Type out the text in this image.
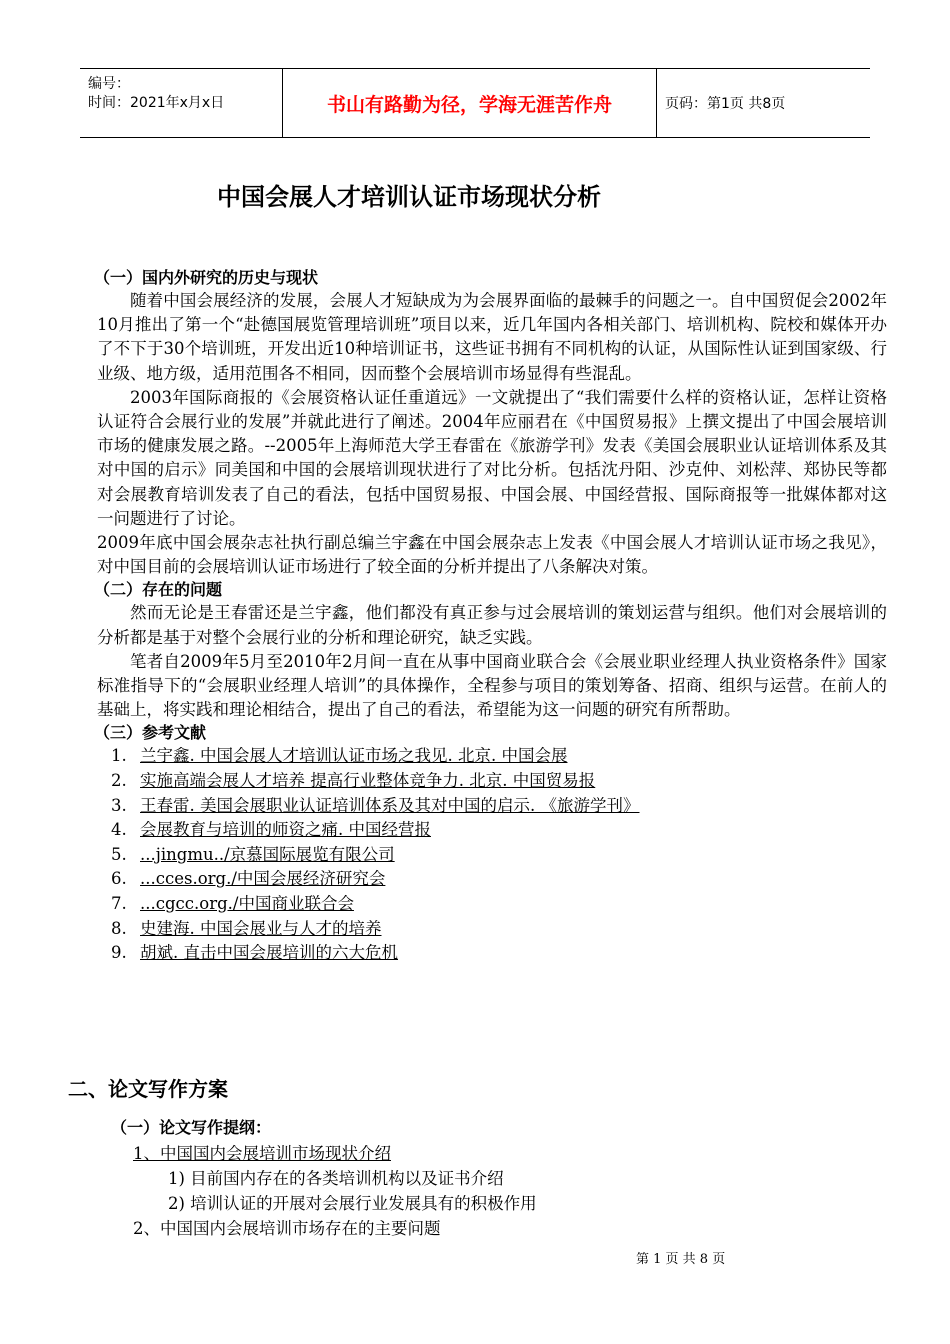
编号：
时间：2021年x月x日	书山有路勤为径，学海无涯苦作舟	页码：第1页 共8页
中国会展人才培训认证市场现状分析
（一）国内外研究的历史与现状

随着中国会展经济的发展，会展人才短缺成为为会展界面临的最棘手的问题之一。自中国贸促会2002年10月推出了第一个“赴德国展览管理培训班”项目以来，近几年国内各相关部门、培训机构、院校和媒体开办了不下于30个培训班，开发出近10种培训证书，这些证书拥有不同机构的认证，从国际性认证到国家级、行业级、地方级，适用范围各不相同，因而整个会展培训市场显得有些混乱。

2003年国际商报的《会展资格认证任重道远》一文就提出了“我们需要什么样的资格认证，怎样让资格认证符合会展行业的发展”并就此进行了阐述。2004年应丽君在《中国贸易报》上撰文提出了中国会展培训市场的健康发展之路。--2005年上海师范大学王春雷在《旅游学刊》发表《美国会展职业认证培训体系及其对中国的启示》同美国和中国的会展培训现状进行了对比分析。包括沈丹阳、沙克仲、刘松萍、郑协民等都对会展教育培训发表了自己的看法，包括中国贸易报、中国会展、中国经营报、国际商报等一批媒体都对这一问题进行了讨论。

2009年底中国会展杂志社执行副总编兰宇鑫在中国会展杂志上发表《中国会展人才培训认证市场之我见》，对中国目前的会展培训认证市场进行了较全面的分析并提出了八条解决对策。

（二）存在的问题

然而无论是王春雷还是兰宇鑫，他们都没有真正参与过会展培训的策划运营与组织。他们对会展培训的分析都是基于对整个会展行业的分析和理论研究，缺乏实践。

笔者自2009年5月至2010年2月间一直在从事中国商业联合会《会展业职业经理人执业资格条件》国家标准指导下的“会展职业经理人培训”的具体操作，全程参与项目的策划筹备、招商、组织与运营。在前人的基础上，将实践和理论相结合，提出了自己的看法，希望能为这一问题的研究有所帮助。

（三）参考文献
1. 兰宇鑫. 中国会展人才培训认证市场之我见. 北京. 中国会展
2. 实施高端会展人才培养 提高行业整体竞争力. 北京. 中国贸易报
3. 王春雷. 美国会展职业认证培训体系及其对中国的启示. 《旅游学刊》
4. 会展教育与培训的师资之痛. 中国经营报
5. ...jingmu../京慕国际展览有限公司
6. ...cces.org./中国会展经济研究会
7. ...cgcc.org./中国商业联合会
8. 史建海. 中国会展业与人才的培养
9. 胡斌. 直击中国会展培训的六大危机
二、论文写作方案
（一）论文写作提纲：
1、中国国内会展培训市场现状介绍
1) 目前国内存在的各类培训机构以及证书介绍
2) 培训认证的开展对会展行业发展具有的积极作用
2、中国国内会展培训市场存在的主要问题
第 1 页 共 8 页
